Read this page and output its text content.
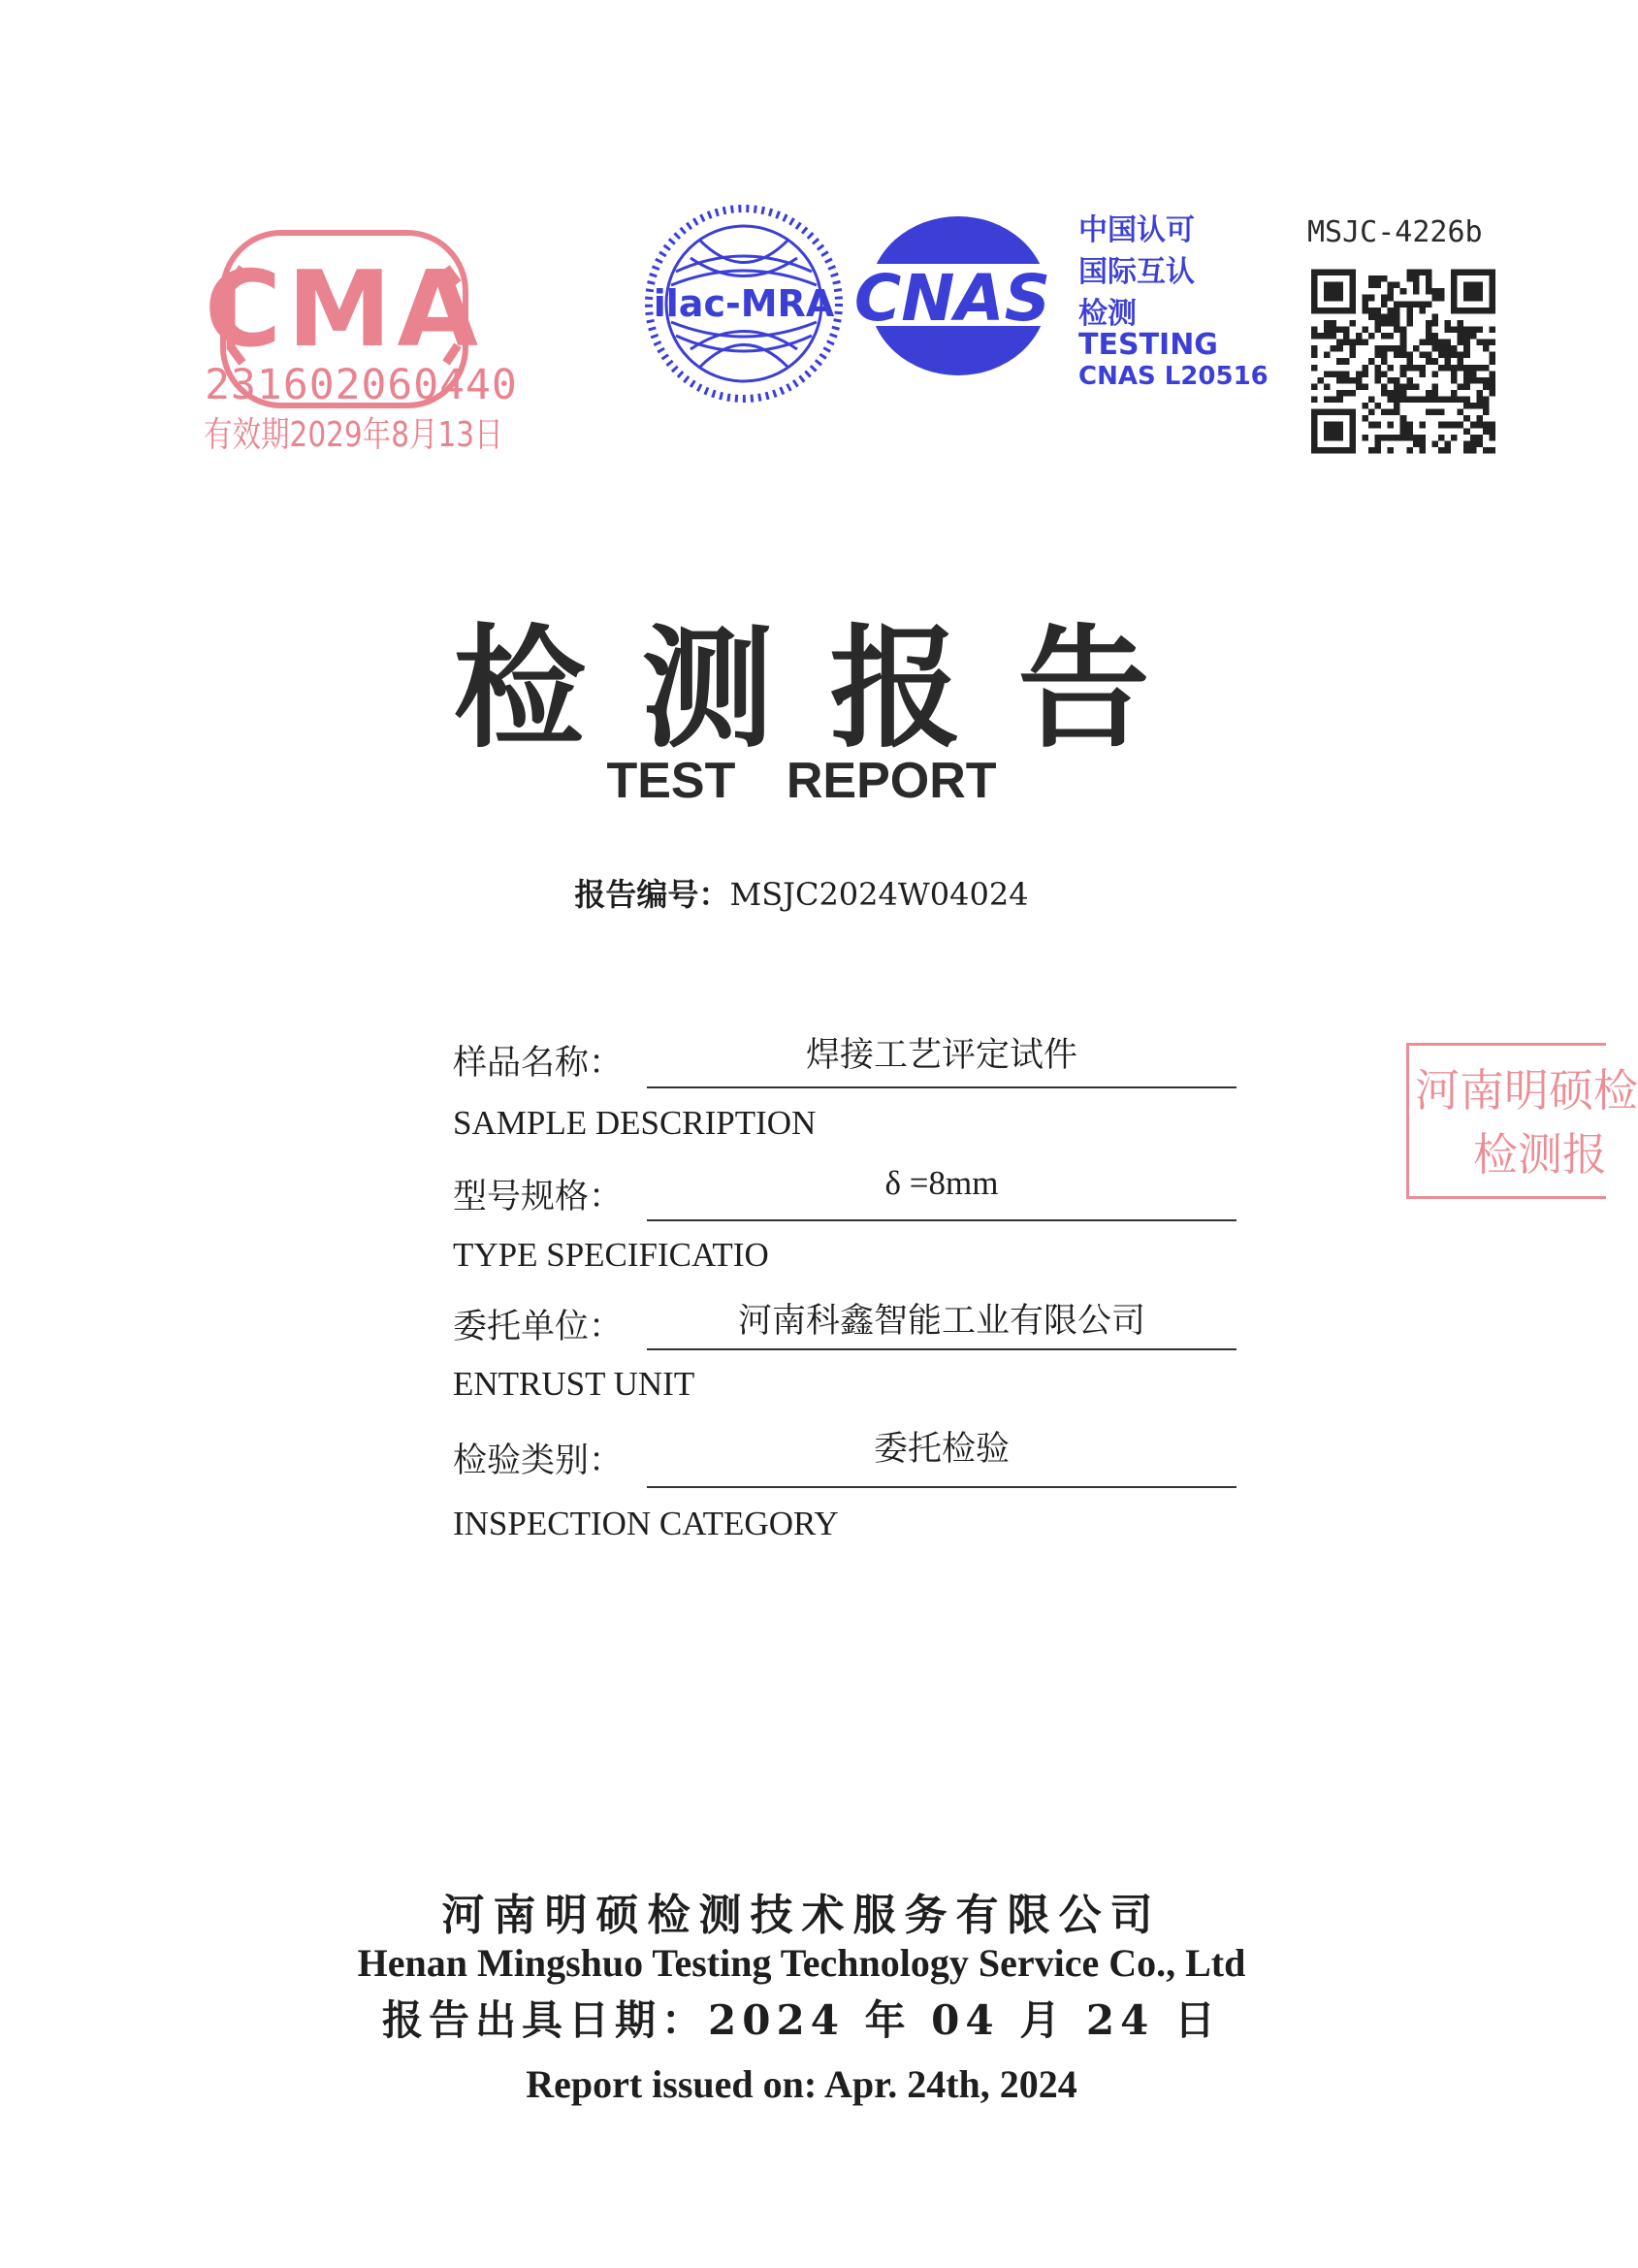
CMA
231602060440
有效期2029年8月13日
ilac-MRA CNAS
中国认可
国际互认
检测
TESTING
CNAS L20516
MSJC-4226b
检测报告
TEST REPORT
报告编号：MSJC2024W04024
样品名称：	焊接工艺评定试件
SAMPLE DESCRIPTION
型号规格：	δ =8mm
TYPE SPECIFICATIO
委托单位：	河南科鑫智能工业有限公司
ENTRUST UNIT
检验类别：	委托检验
INSPECTION CATEGORY
河南明硕检
检测报
河南明硕检测技术服务有限公司
Henan Mingshuo Testing Technology Service Co., Ltd
报告出具日期：2024 年 04 月 24 日
Report issued on: Apr. 24th, 2024
